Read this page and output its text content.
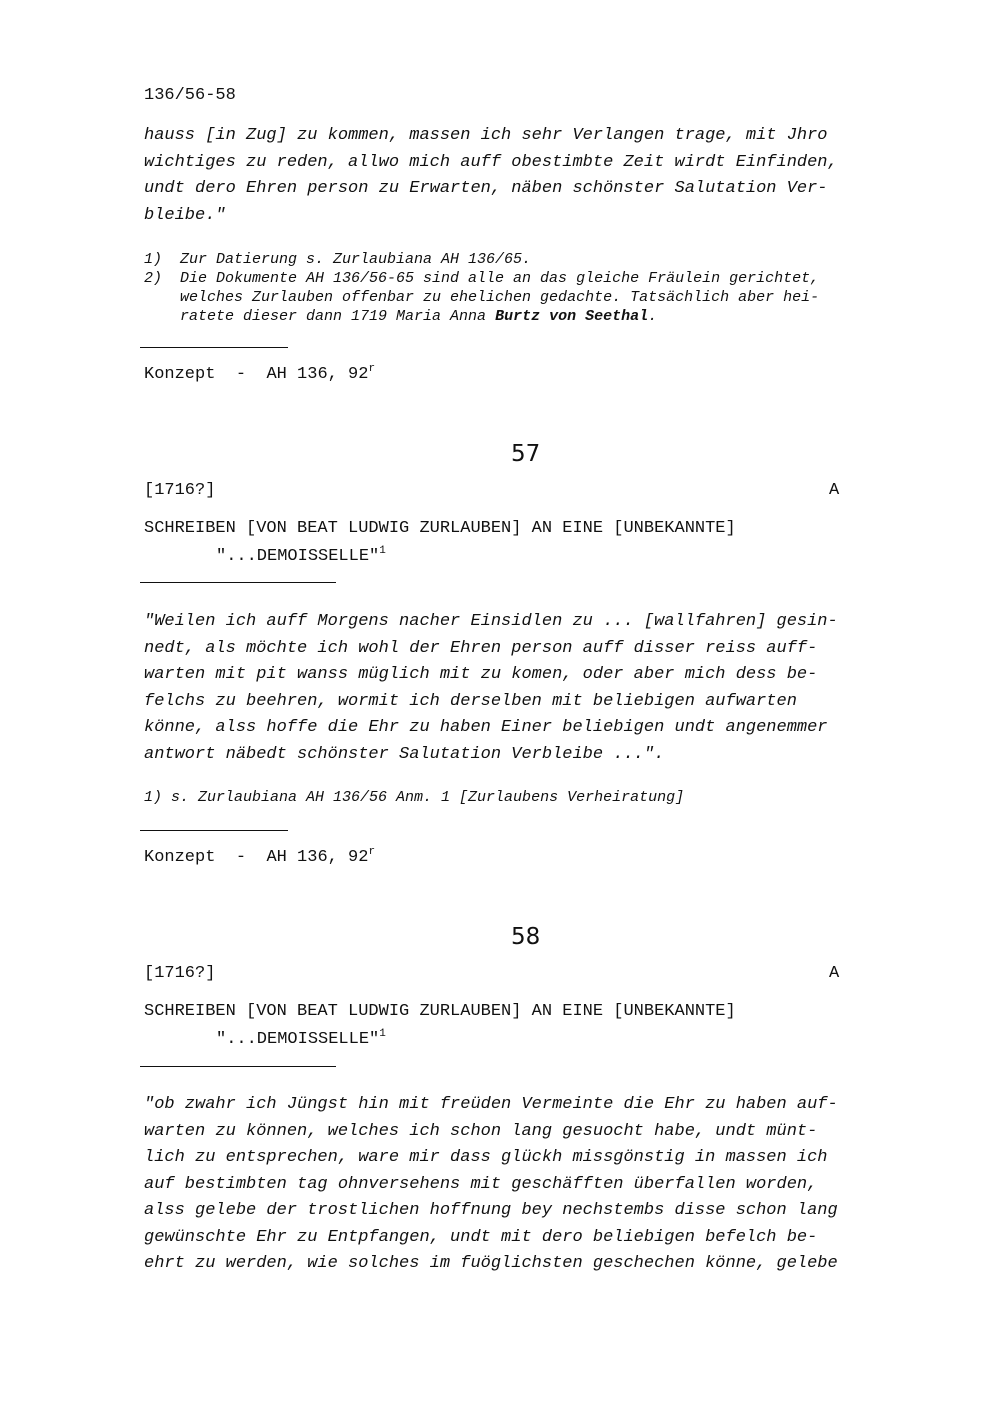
136/56-58
hauss [in Zug] zu kommen, massen ich sehr Verlangen trage, mit Jhro
wichtiges zu reden, allwo mich auff obestimbte Zeit wirdt Einfinden,
undt dero Ehren person zu Erwarten, näben schönster Salutation Ver-
bleibe."
1) Zur Datierung s. Zurlaubiana AH 136/65.
2) Die Dokumente AH 136/56-65 sind alle an das gleiche Fräulein gerichtet,
welches Zurlauben offenbar zu ehelichen gedachte. Tatsächlich aber hei-
ratete dieser dann 1719 Maria Anna Burtz von Seethal.
Konzept - AH 136, 92$^r$
57
[1716?]	A
SCHREIBEN [VON BEAT LUDWIG ZURLAUBEN] AN EINE [UNBEKANNTE]
"...DEMOISSELLE"$^1$
"Weilen ich auff Morgens nacher Einsidlen zu ... [wallfahren] gesin-
nedt, als möchte ich wohl der Ehren person auff disser reiss auff-
warten mit pit wanss müglich mit zu komen, oder aber mich dess be-
felchs zu beehren, wormit ich derselben mit beliebigen aufwarten
könne, alss hoffe die Ehr zu haben Einer beliebigen undt angenemmer
antwort näbedt schönster Salutation Verbleibe ...".
1) s. Zurlaubiana AH 136/56 Anm. 1 [Zurlaubens Verheiratung]
Konzept - AH 136, 92$^r$
58
[1716?]	A
SCHREIBEN [VON BEAT LUDWIG ZURLAUBEN] AN EINE [UNBEKANNTE]
"...DEMOISSELLE"$^1$
"ob zwahr ich Jüngst hin mit freüden Vermeinte die Ehr zu haben auf-
warten zu können, welches ich schon lang gesuocht habe, undt münt-
lich zu entsprechen, ware mir dass glückh missgönstig in massen ich
auf bestimbten tag ohnversehens mit geschäfften überfallen worden,
alss gelebe der trostlichen hoffnung bey nechstembs disse schon lang
gewünschte Ehr zu Entpfangen, undt mit dero beliebigen befelch be-
ehrt zu werden, wie solches im fuöglichsten geschechen könne, gelebe
